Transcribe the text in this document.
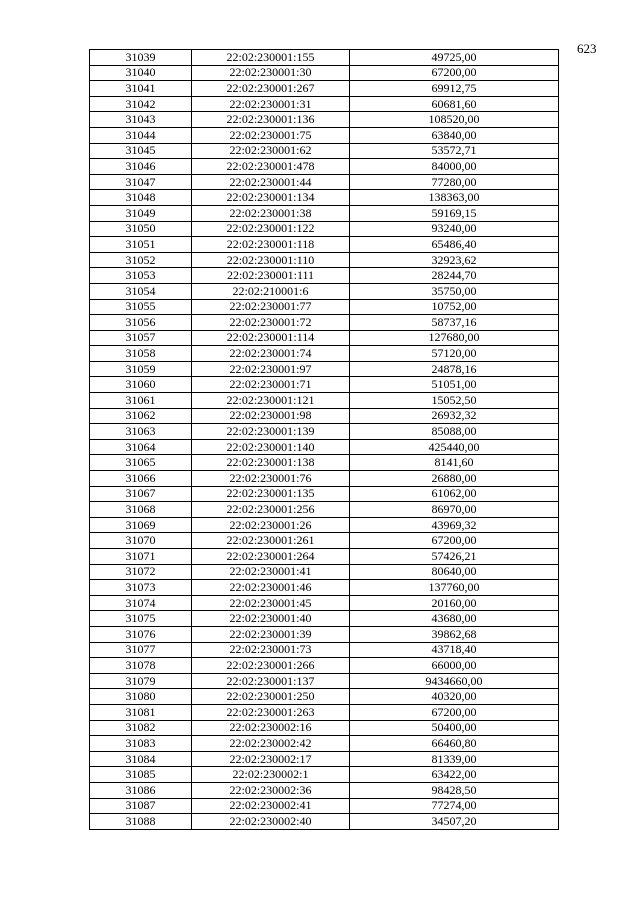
623
31039	22:02:230001:155	49725,00
31040	22:02:230001:30	67200,00
31041	22:02:230001:267	69912,75
31042	22:02:230001:31	60681,60
31043	22:02:230001:136	108520,00
31044	22:02:230001:75	63840,00
31045	22:02:230001:62	53572,71
31046	22:02:230001:478	84000,00
31047	22:02:230001:44	77280,00
31048	22:02:230001:134	138363,00
31049	22:02:230001:38	59169,15
31050	22:02:230001:122	93240,00
31051	22:02:230001:118	65486,40
31052	22:02:230001:110	32923,62
31053	22:02:230001:111	28244,70
31054	22:02:210001:6	35750,00
31055	22:02:230001:77	10752,00
31056	22:02:230001:72	58737,16
31057	22:02:230001:114	127680,00
31058	22:02:230001:74	57120,00
31059	22:02:230001:97	24878,16
31060	22:02:230001:71	51051,00
31061	22:02:230001:121	15052,50
31062	22:02:230001:98	26932,32
31063	22:02:230001:139	85088,00
31064	22:02:230001:140	425440,00
31065	22:02:230001:138	8141,60
31066	22:02:230001:76	26880,00
31067	22:02:230001:135	61062,00
31068	22:02:230001:256	86970,00
31069	22:02:230001:26	43969,32
31070	22:02:230001:261	67200,00
31071	22:02:230001:264	57426,21
31072	22:02:230001:41	80640,00
31073	22:02:230001:46	137760,00
31074	22:02:230001:45	20160,00
31075	22:02:230001:40	43680,00
31076	22:02:230001:39	39862,68
31077	22:02:230001:73	43718,40
31078	22:02:230001:266	66000,00
31079	22:02:230001:137	9434660,00
31080	22:02:230001:250	40320,00
31081	22:02:230001:263	67200,00
31082	22:02:230002:16	50400,00
31083	22:02:230002:42	66460,80
31084	22:02:230002:17	81339,00
31085	22:02:230002:1	63422,00
31086	22:02:230002:36	98428,50
31087	22:02:230002:41	77274,00
31088	22:02:230002:40	34507,20
